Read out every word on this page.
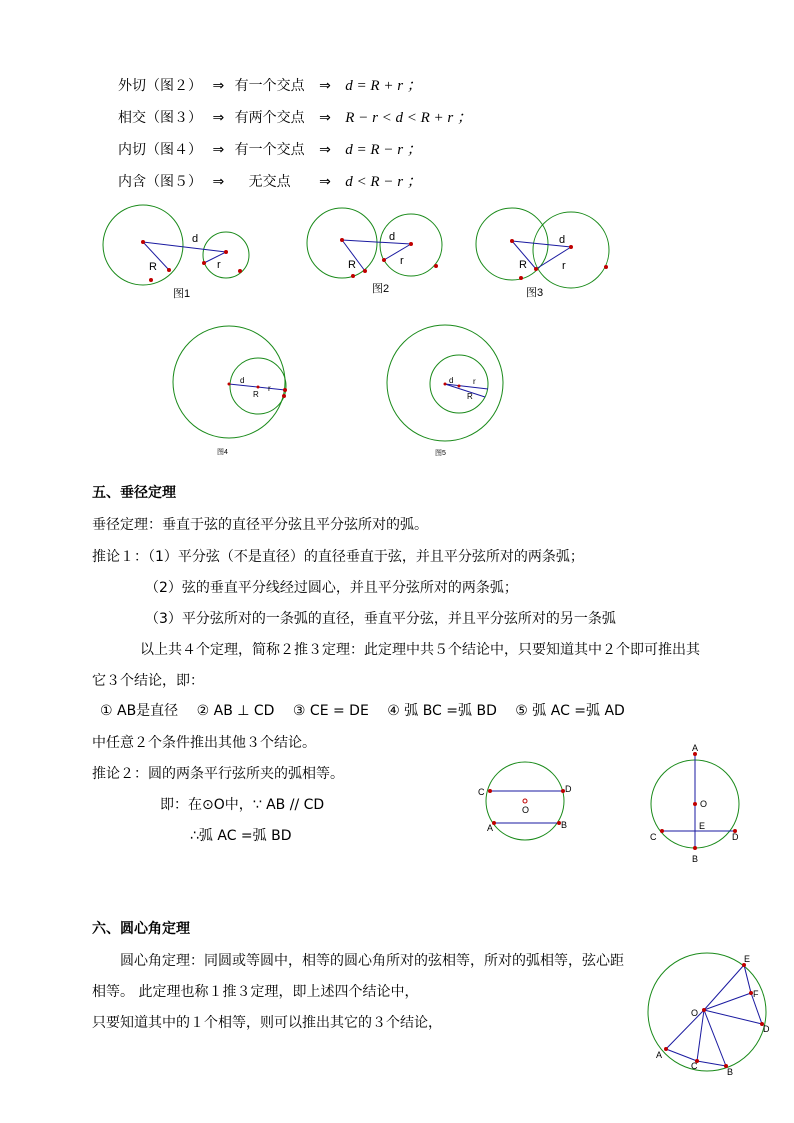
外切（图２） ⇒ 有一个交点 ⇒ d = R + r ；
相交（图３） ⇒ 有两个交点 ⇒ R − r < d < R + r ；
内切（图４） ⇒ 有一个交点 ⇒ d = R − r ；
内含（图５） ⇒ 无交点 ⇒ d < R − r ；
d
R	r
图1
d
R	r
图2
d
R	r
图3
d
R
r
图4
d r
R
图5
五、垂径定理
垂径定理：垂直于弦的直径平分弦且平分弦所对的弧。
推论１：（1）平分弦（不是直径）的直径垂直于弦，并且平分弦所对的两条弧；
（2）弦的垂直平分线经过圆心，并且平分弦所对的两条弧；
（3）平分弦所对的一条弧的直径，垂直平分弦，并且平分弦所对的另一条弧
以上共４个定理，简称２推３定理：此定理中共５个结论中，只要知道其中２个即可推出其
它３个结论，即：
① AB是直径　 ② AB ⊥ CD　 ③ CE = DE　 ④ 弧 BC =弧 BD　 ⑤ 弧 AC =弧 AD
中任意２个条件推出其他３个结论。
推论２：圆的两条平行弦所夹的弧相等。
即：在⊙O中，∵ AB // CD
∴弧 AC =弧 BD
C	D
O
A	B
A
O
E
C	D
B
六、圆心角定理
圆心角定理：同圆或等圆中，相等的圆心角所对的弦相等，所对的弧相等，弦心距
相等。 此定理也称１推３定理，即上述四个结论中，
只要知道其中的１个相等，则可以推出其它的３个结论，
E
F
O
D
A
C
B
